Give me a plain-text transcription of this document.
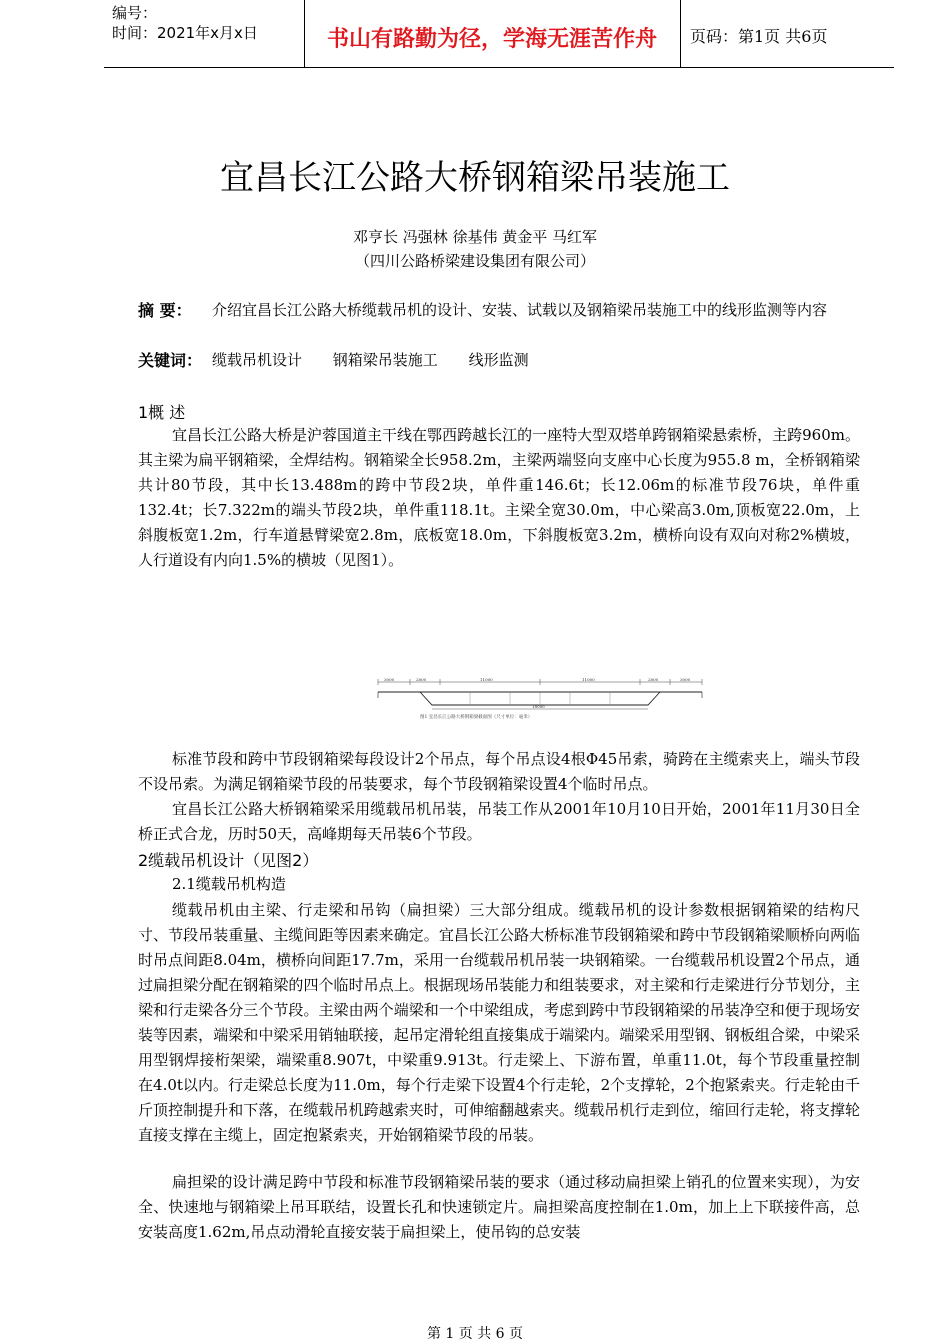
编号：
时间：2021年x月x日	书山有路勤为径，学海无涯苦作舟	页码：第1页 共6页
宜昌长江公路大桥钢箱梁吊装施工
邓亨长 冯强林 徐基伟 黄金平 马红军
（四川公路桥梁建设集团有限公司）
摘 要： 介绍宜昌长江公路大桥缆载吊机的设计、安装、试载以及钢箱梁吊装施工中的线形监测等内容
关键词： 缆载吊机设计 钢箱梁吊装施工 线形监测
1概 述

宜昌长江公路大桥是沪蓉国道主干线在鄂西跨越长江的一座特大型双塔单跨钢箱梁悬索桥，主跨960m。其主梁为扁平钢箱梁，全焊结构。钢箱梁全长958.2m，主梁两端竖向支座中心长度为955.8 m，全桥钢箱梁共计80节段，其中长13.488m的跨中节段2块，单件重146.6t；长12.06m的标准节段76块，单件重132.4t；长7.322m的端头节段2块，单件重118.1t。主梁全宽30.0m，中心梁高3.0m,顶板宽22.0m，上斜腹板宽1.2m，行车道悬臂梁宽2.8m，底板宽18.0m，下斜腹板宽3.2m，横桥向设有双向对称2%横坡，人行道设有内向1.5%的横坡（见图1）。

3000	2800	11000	11000	2800	3000
18000
图1 宜昌长江公路大桥钢箱梁截面图（尺寸单位：毫米）

标准节段和跨中节段钢箱梁每段设计2个吊点，每个吊点设4根Φ45吊索，骑跨在主缆索夹上，端头节段不设吊索。为满足钢箱梁节段的吊装要求，每个节段钢箱梁设置4个临时吊点。

宜昌长江公路大桥钢箱梁采用缆载吊机吊装，吊装工作从2001年10月10日开始，2001年11月30日全桥正式合龙，历时50天，高峰期每天吊装6个节段。

2缆载吊机设计（见图2）
2.1缆载吊机构造

缆载吊机由主梁、行走梁和吊钩（扁担梁）三大部分组成。缆载吊机的设计参数根据钢箱梁的结构尺寸、节段吊装重量、主缆间距等因素来确定。宜昌长江公路大桥标准节段钢箱梁和跨中节段钢箱梁顺桥向两临时吊点间距8.04m，横桥向间距17.7m，采用一台缆载吊机吊装一块钢箱梁。一台缆载吊机设置2个吊点，通过扁担梁分配在钢箱梁的四个临时吊点上。根据现场吊装能力和组装要求，对主梁和行走梁进行分节划分，主梁和行走梁各分三个节段。主梁由两个端梁和一个中梁组成，考虑到跨中节段钢箱梁的吊装净空和便于现场安装等因素，端梁和中梁采用销轴联接，起吊定滑轮组直接集成于端梁内。端梁采用型钢、钢板组合梁，中梁采用型钢焊接桁架梁，端梁重8.907t，中梁重9.913t。行走梁上、下游布置，单重11.0t，每个节段重量控制在4.0t以内。行走梁总长度为11.0m，每个行走梁下设置4个行走轮，2个支撑轮，2个抱紧索夹。行走轮由千斤顶控制提升和下落，在缆载吊机跨越索夹时，可伸缩翻越索夹。缆载吊机行走到位，缩回行走轮，将支撑轮直接支撑在主缆上，固定抱紧索夹，开始钢箱梁节段的吊装。

扁担梁的设计满足跨中节段和标准节段钢箱梁吊装的要求（通过移动扁担梁上销孔的位置来实现），为安全、快速地与钢箱梁上吊耳联结，设置长孔和快速锁定片。扁担梁高度控制在1.0m，加上上下联接件高，总安装高度1.62m,吊点动滑轮直接安装于扁担梁上，使吊钩的总安装

第 1 页 共 6 页
